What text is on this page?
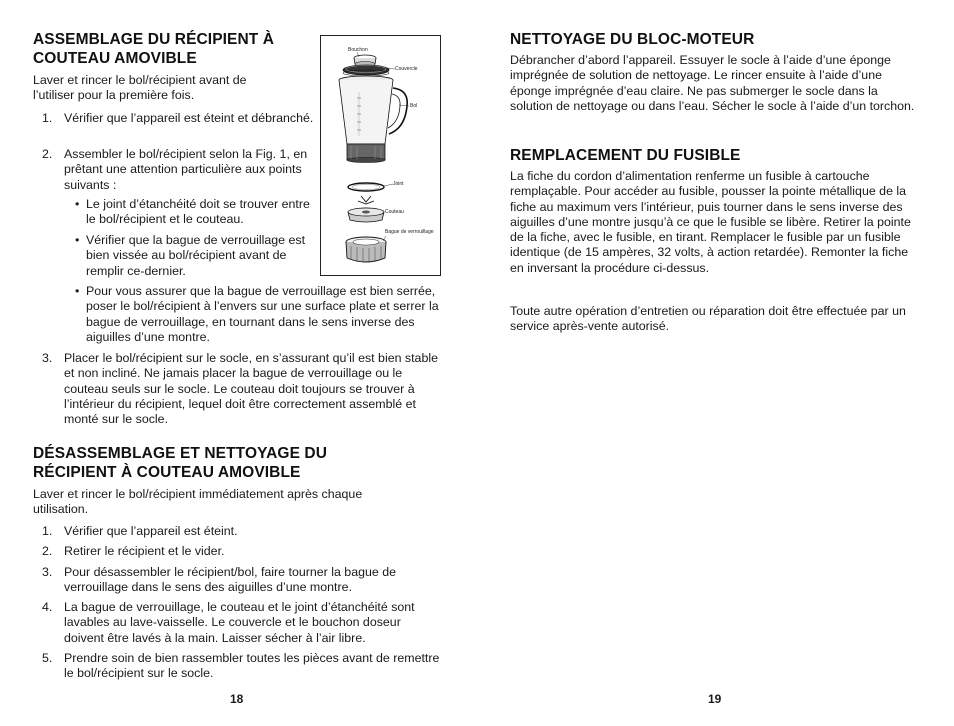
ASSEMBLAGE DU RÉCIPIENT À COUTEAU AMOVIBLE

Laver et rincer le bol/récipient avant de l’utiliser pour la première fois.

1. Vérifier que l’appareil est éteint et débranché.
2. Assembler le bol/récipient selon la Fig. 1, en prêtant une attention particulière aux points suivants :
• Le joint d’étanchéité doit se trouver entre le bol/récipient et le couteau.
• Vérifier que la bague de verrouillage est bien vissée au bol/récipient avant de remplir ce-dernier.
• Pour vous assurer que la bague de verrouillage est bien serrée, poser le bol/récipient à l’envers sur une surface plate et serrer la bague de verrouillage, en tournant dans le sens inverse des aiguilles d’une montre.
3. Placer le bol/récipient sur le socle, en s’assurant qu’il est bien stable et non incliné. Ne jamais placer la bague de verrouillage ou le couteau seuls sur le socle. Le couteau doit toujours se trouver à l’intérieur du récipient, lequel doit être correctement assemblé et monté sur le socle.
DÉSASSEMBLAGE ET NETTOYAGE DU RÉCIPIENT À COUTEAU AMOVIBLE

Laver et rincer le bol/récipient immédiatement après chaque utilisation.

1. Vérifier que l’appareil est éteint.
2. Retirer le récipient et le vider.
3. Pour désassembler le récipient/bol, faire tourner la bague de verrouillage dans le sens des aiguilles d’une montre.
4. La bague de verrouillage, le couteau et le joint d’étanchéité sont lavables au lave-vaisselle. Le couvercle et le bouchon doseur doivent être lavés à la main. Laisser sécher à l’air libre.
5. Prendre soin de bien rassembler toutes les pièces avant de remettre le bol/récipient sur le socle.
Bouchon
Couvercle
Bol
Joint
Couteau
Bague de verrouillage
18
NETTOYAGE DU BLOC-MOTEUR

Débrancher d’abord l’appareil. Essuyer le socle à l’aide d’une éponge imprégnée de solution de nettoyage. Le rincer ensuite à l’aide d’une éponge imprégnée d’eau claire. Ne pas submerger le socle dans la solution de nettoyage ou dans l’eau. Sécher le socle à l’aide d’un torchon.

REMPLACEMENT DU FUSIBLE

La fiche du cordon d’alimentation renferme un fusible à cartouche remplaçable. Pour accéder au fusible, pousser la pointe métallique de la fiche au maximum vers l’intérieur, puis tourner dans le sens inverse des aiguilles d’une montre jusqu’à ce que le fusible se libère. Retirer la pointe de la fiche, avec le fusible, en tirant. Remplacer le fusible par un fusible identique (de 15 ampères, 32 volts, à action retardée). Remonter la fiche en inversant la procédure ci-dessus.

Toute autre opération d’entretien ou réparation doit être effectuée par un service après-vente autorisé.

19
